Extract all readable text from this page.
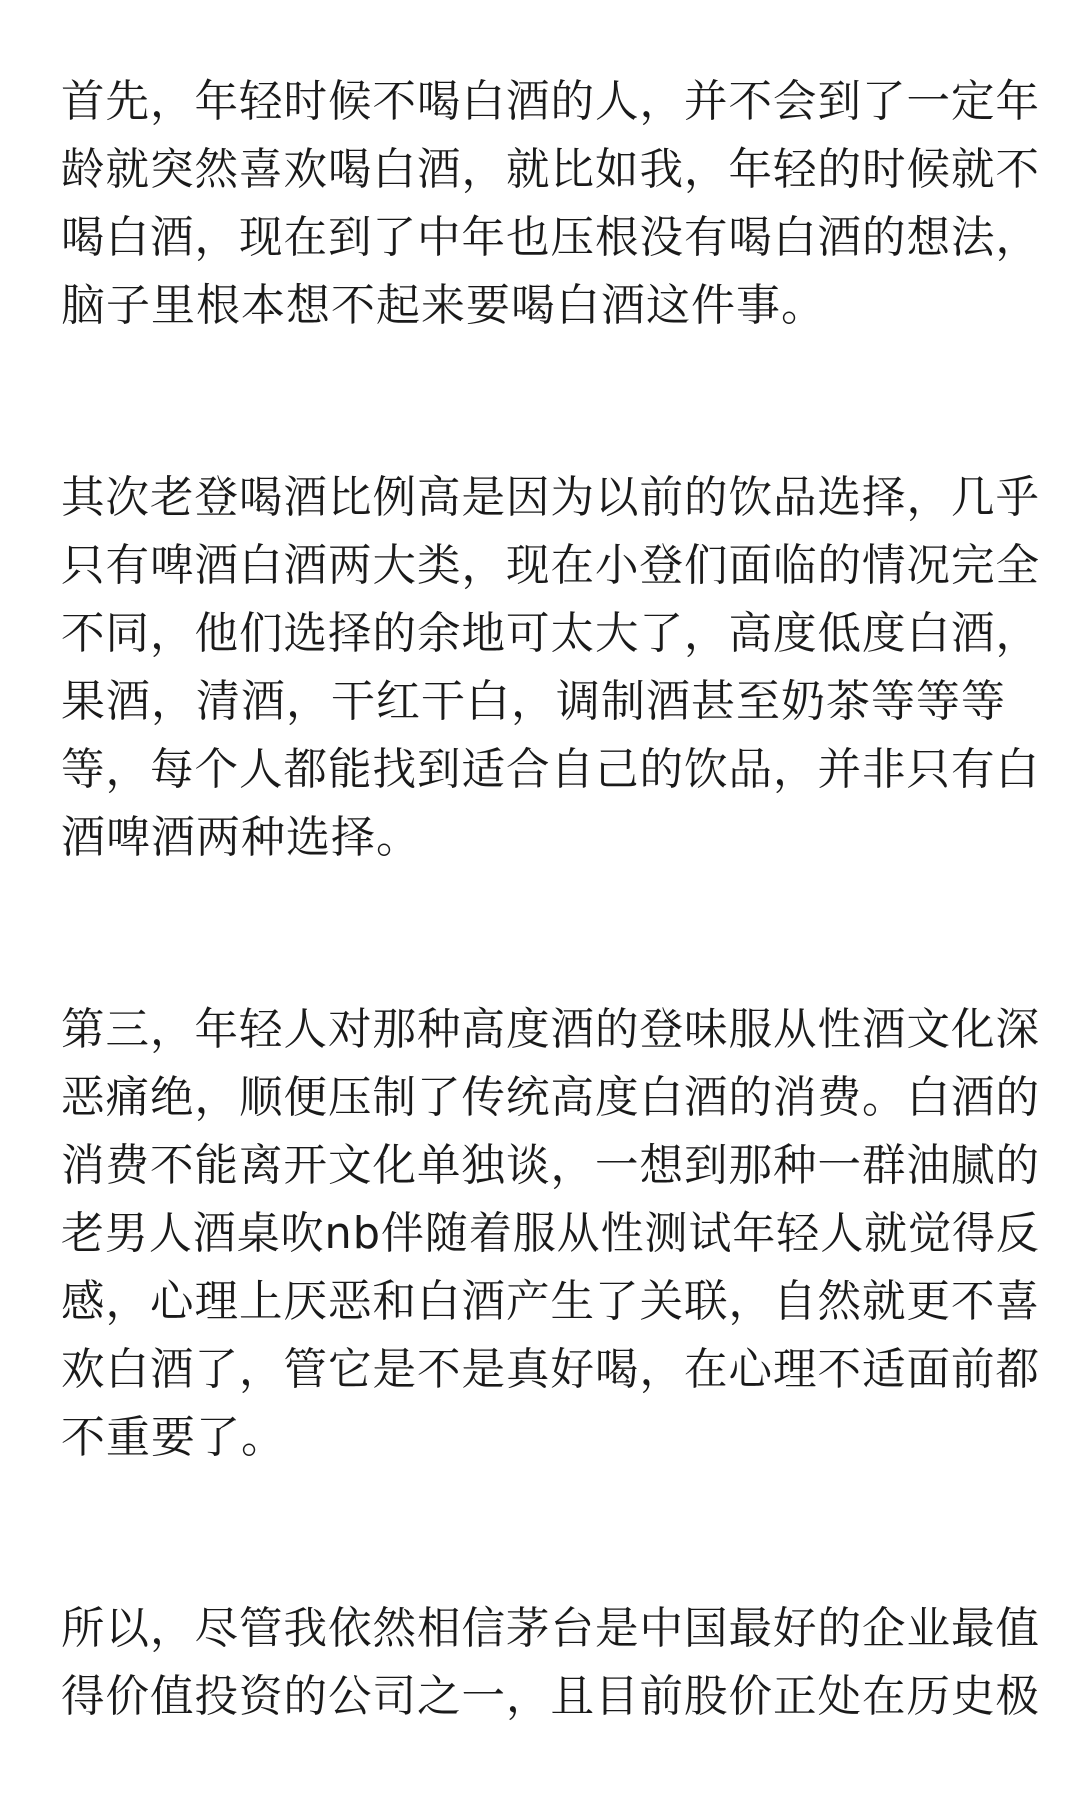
首先，年轻时候不喝白酒的人，并不会到了一定年

龄就突然喜欢喝白酒，就比如我，年轻的时候就不

喝白酒，现在到了中年也压根没有喝白酒的想法，

脑子里根本想不起来要喝白酒这件事。

其次老登喝酒比例高是因为以前的饮品选择，几乎

只有啤酒白酒两大类，现在小登们面临的情况完全

不同，他们选择的余地可太大了，高度低度白酒，

果酒，清酒，干红干白，调制酒甚至奶茶等等等

等，每个人都能找到适合自己的饮品，并非只有白

酒啤酒两种选择。

第三，年轻人对那种高度酒的登味服从性酒文化深

恶痛绝，顺便压制了传统高度白酒的消费。白酒的

消费不能离开文化单独谈，一想到那种一群油腻的

老男人酒桌吹nb伴随着服从性测试年轻人就觉得反

感，心理上厌恶和白酒产生了关联，自然就更不喜

欢白酒了，管它是不是真好喝，在心理不适面前都

不重要了。

所以，尽管我依然相信茅台是中国最好的企业最值

得价值投资的公司之一，且目前股价正处在历史极
